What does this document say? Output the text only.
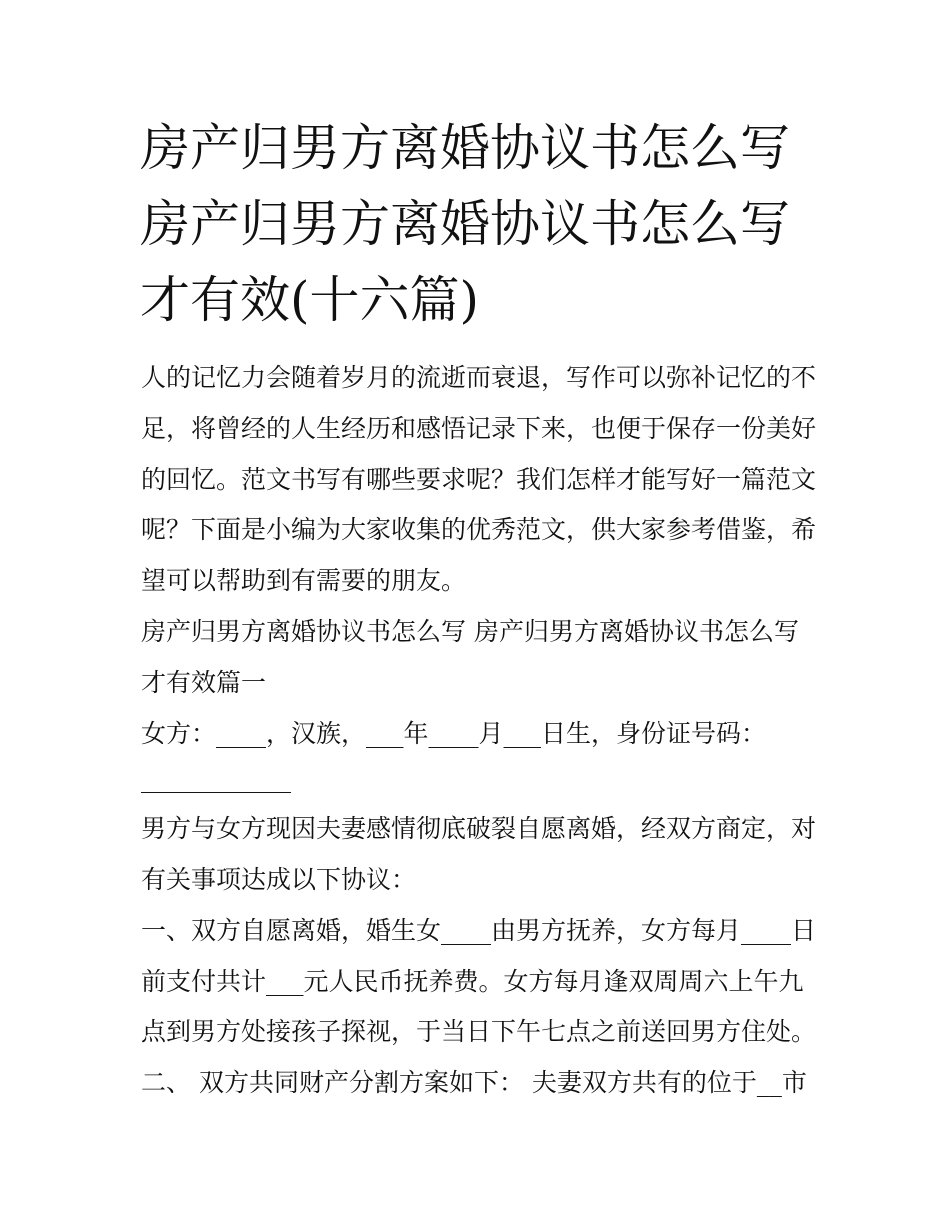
房产归男方离婚协议书怎么写
房产归男方离婚协议书怎么写
才有效(十六篇)

人的记忆力会随着岁月的流逝而衰退，写作可以弥补记忆的不

足，将曾经的人生经历和感悟记录下来，也便于保存一份美好

的回忆。范文书写有哪些要求呢？我们怎样才能写好一篇范文

呢？下面是小编为大家收集的优秀范文，供大家参考借鉴，希

望可以帮助到有需要的朋友。

房产归男方离婚协议书怎么写 房产归男方离婚协议书怎么写

才有效篇一

女方：____，汉族，___年____月___日生，身份证号码：

____________

男方与女方现因夫妻感情彻底破裂自愿离婚，经双方商定，对

有关事项达成以下协议：

一、双方自愿离婚，婚生女____由男方抚养，女方每月____日

前支付共计___元人民币抚养费。女方每月逢双周周六上午九

点到男方处接孩子探视，于当日下午七点之前送回男方住处。

二、 双方共同财产分割方案如下： 夫妻双方共有的位于__市
